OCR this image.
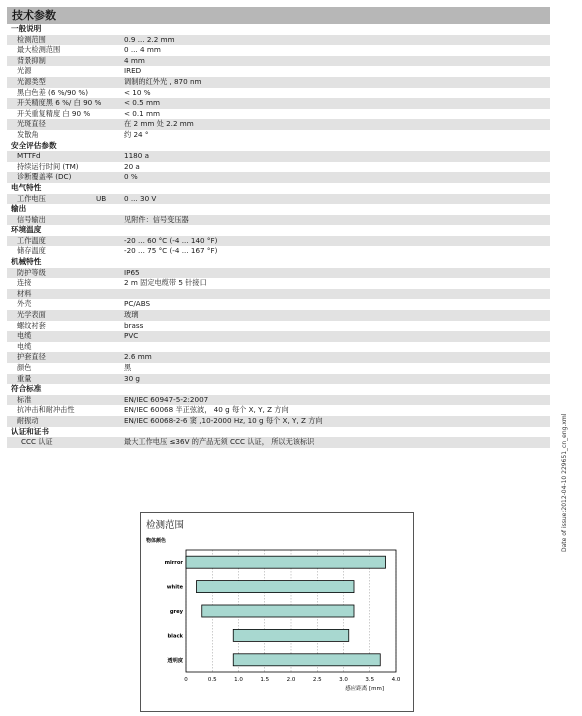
技术参数
一般说明
检测范围	0.9 ... 2.2 mm
最大检测范围	0 ... 4 mm
背景抑制	4 mm
光源	IRED
光源类型	调制的红外光 , 870 nm
黑白色差 (6 %/90 %)	< 10 %
开关精度黑 6 %/ 白 90 %	< 0.5 mm
开关重复精度 白 90 %	< 0.1 mm
光斑直径	在 2 mm 处 2.2 mm
发散角	约 24 °
安全评估参数
MTTFd	1180 a
持续运行时间 (TM)	20 a
诊断覆盖率 (DC)	0 %
电气特性
工作电压	UB 0 ... 30 V
输出
信号输出	见附件：信号变压器
环境温度
工作温度	-20 ... 60 °C (-4 ... 140 °F)
储存温度	-20 ... 75 °C (-4 ... 167 °F)
机械特性
防护等级	IP65
连接	2 m 固定电缆带 5 针接口
材料
外壳	PC/ABS
光学表面	玻璃
螺纹衬套	brass
电缆	PVC
电缆
护套直径	2.6 mm
颜色	黑
重量	30 g
符合标准
标准	EN/IEC 60947-5-2:2007
抗冲击和耐冲击性	EN/IEC 60068 半正弦波， 40 g 每个 X, Y, Z 方向
耐振动	EN/IEC 60068-2-6 窦 ,10-2000 Hz, 10 g 每个 X, Y, Z 方向
认证和证书
CCC 认证	最大工作电压 ≤36V 的产品无须 CCC 认证， 所以无该标识
检测范围
物体颜色
mirror
white
grey
black
透明度
0	0.5	1.0	1.5	2.0	2.5	3.0	3.5	4.0
感应距离 [mm]
Date of issue:2012-04-10 229651_cn_eng.xml
